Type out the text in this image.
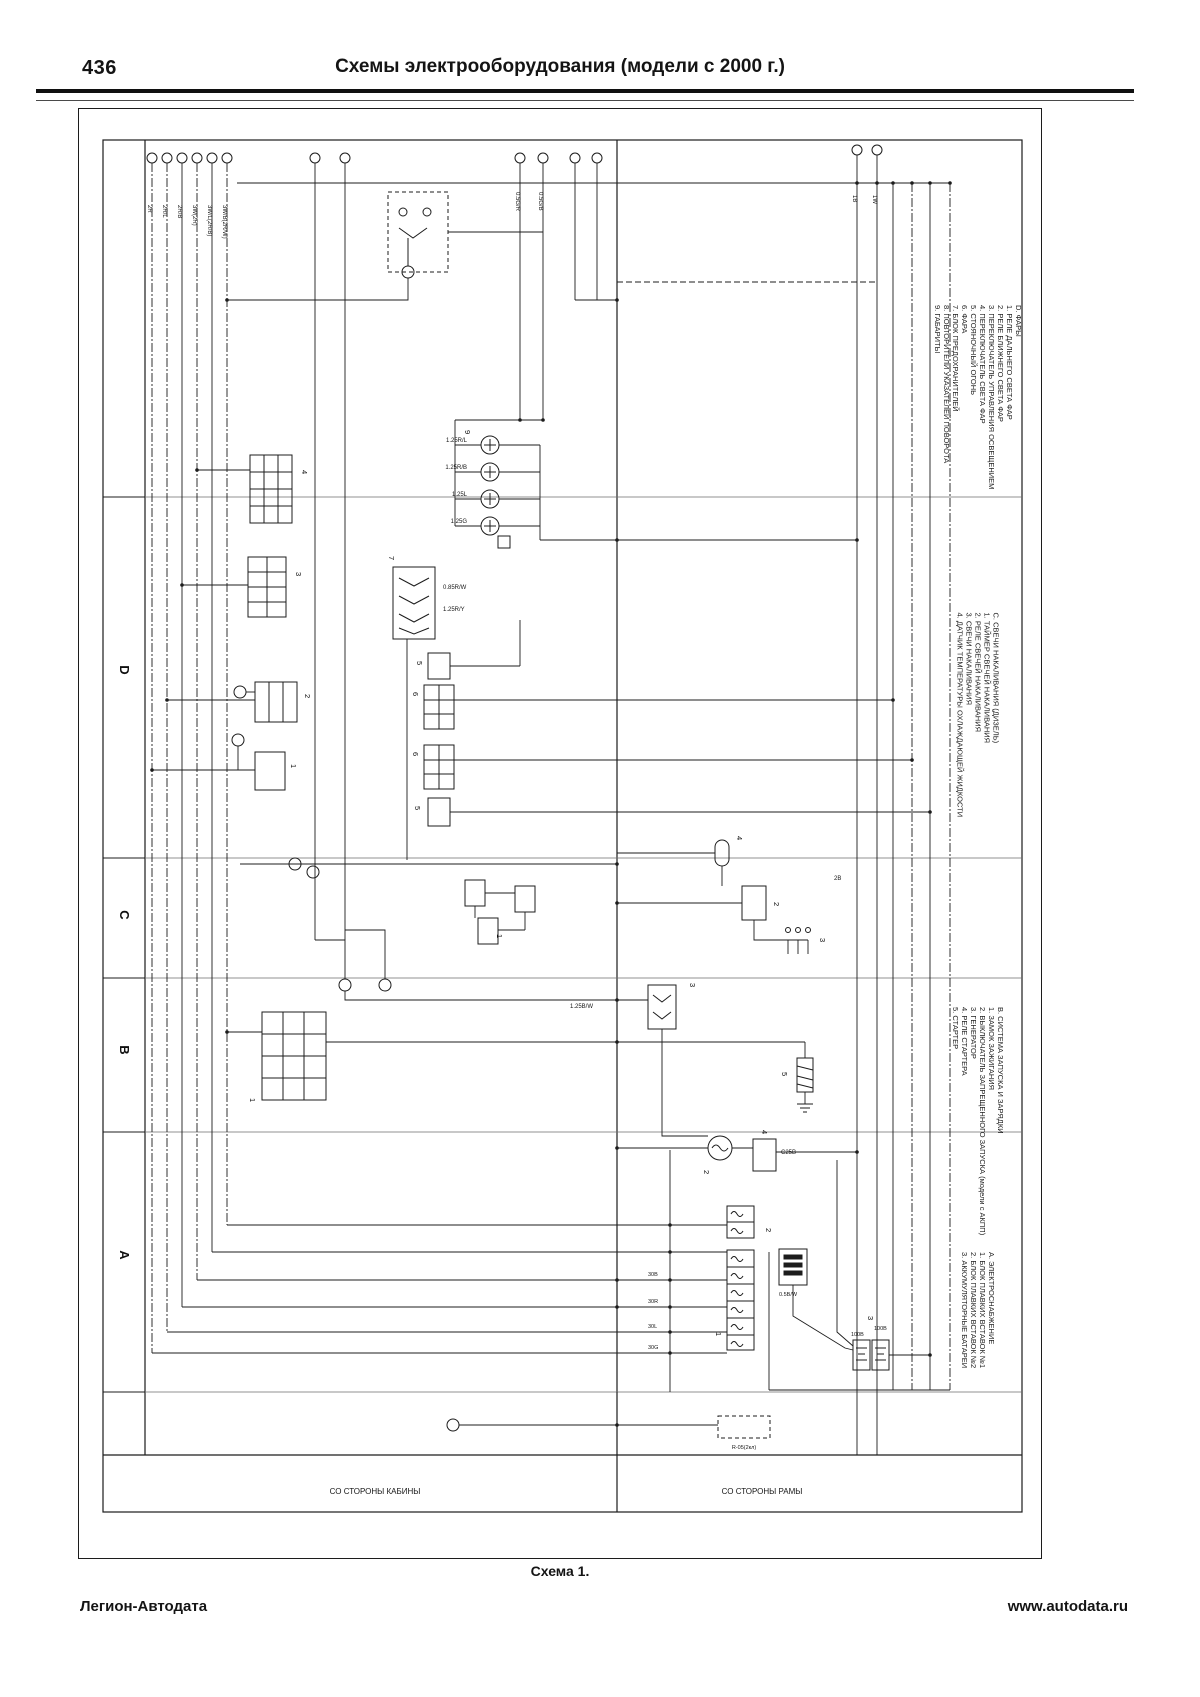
436	Схемы электрооборудования (модели с 2000 г.)
D
C
B
A
4
3
2
1
7
9
5
6
6
5
1
2
3
4
1
2
3
4
5
1
2
3
2R 2R/L 2R/B 3W(2R) 3W/L(2R/B) 3W/B(2R/W)
0.5G/R	0.5G/B	1B 1W
1.25R/L
1.25R/B
1.25L
1.25G
0.85R/W
1.25R/Y
1.25B/W
C25B
100B
100B
30B
30R
30L
30G
0.5B/W
2B
R-05(2кл)
СО СТОРОНЫ КАБИНЫ	СО СТОРОНЫ РАМЫ
D. ФАРЫ
1. РЕЛЕ ДАЛЬНЕГО СВЕТА ФАР
2. РЕЛЕ БЛИЖНЕГО СВЕТА ФАР
3. ПЕРЕКЛЮЧАТЕЛЬ УПРАВЛЕНИЯ ОСВЕЩЕНИЕМ
4. ПЕРЕКЛЮЧАТЕЛЬ СВЕТА ФАР
5. СТОЯНОЧНЫЙ ОГОНЬ
6. ФАРА
7. БЛОК ПРЕДОХРАНИТЕЛЕЙ
8. ПОВТОРИТЕЛИ УКАЗАТЕЛЕЙ ПОВОРОТА
9. ГАБАРИТЫ
C. СВЕЧИ НАКАЛИВАНИЯ (ДИЗЕЛЬ)
1. ТАЙМЕР СВЕЧЕЙ НАКАЛИВАНИЯ
2. РЕЛЕ СВЕЧЕЙ НАКАЛИВАНИЯ
3. СВЕЧИ НАКАЛИВАНИЯ
4. ДАТЧИК ТЕМПЕРАТУРЫ ОХЛАЖДАЮЩЕЙ ЖИДКОСТИ
B. СИСТЕМА ЗАПУСКА И ЗАРЯДКИ
1. ЗАМОК ЗАЖИГАНИЯ
2. ВЫКЛЮЧАТЕЛЬ ЗАПРЕЩЕННОГО ЗАПУСКА (модели с АКПП)
3. ГЕНЕРАТОР
4. РЕЛЕ СТАРТЕРА
5. СТАРТЕР
A. ЭЛЕКТРОСНАБЖЕНИЕ
1. БЛОК ПЛАВКИХ ВСТАВОК №1
2. БЛОК ПЛАВКИХ ВСТАВОК №2
3. АККУМУЛЯТОРНЫЕ БАТАРЕИ
Схема 1.
Легион-Автодата	www.autodata.ru
